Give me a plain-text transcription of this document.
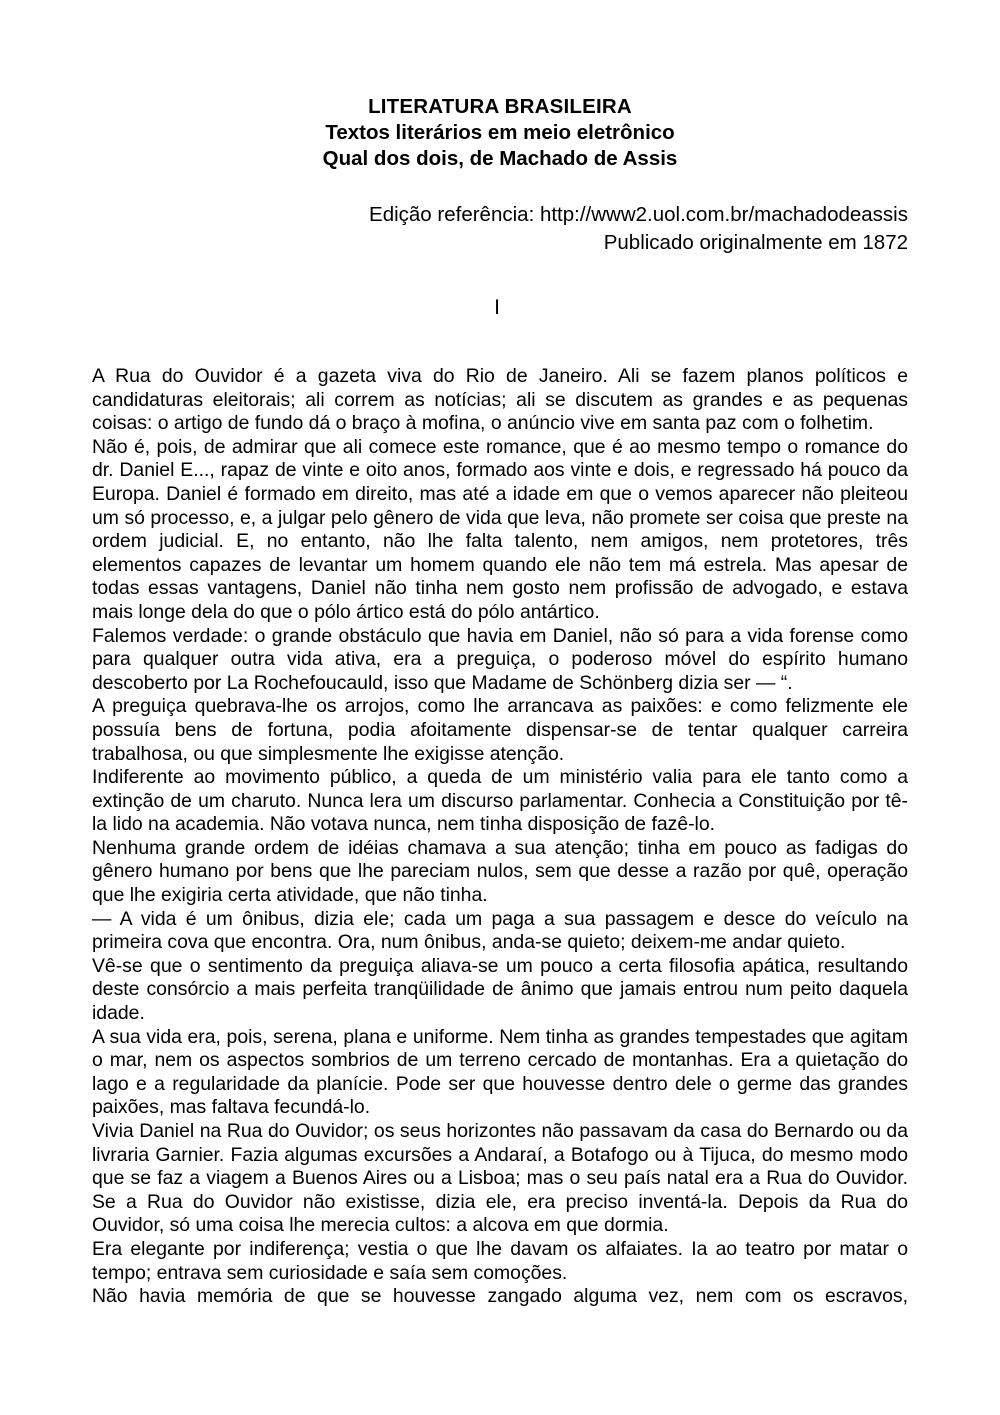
LITERATURA BRASILEIRA
Textos literários em meio eletrônico
Qual dos dois, de Machado de Assis
Edição referência: http://www2.uol.com.br/machadodeassis
Publicado originalmente em 1872
I

A Rua do Ouvidor é a gazeta viva do Rio de Janeiro. Ali se fazem planos políticos e candidaturas eleitorais; ali correm as notícias; ali se discutem as grandes e as pequenas coisas: o artigo de fundo dá o braço à mofina, o anúncio vive em santa paz com o folhetim.

Não é, pois, de admirar que ali comece este romance, que é ao mesmo tempo o romance do dr. Daniel E..., rapaz de vinte e oito anos, formado aos vinte e dois, e regressado há pouco da Europa. Daniel é formado em direito, mas até a idade em que o vemos aparecer não pleiteou um só processo, e, a julgar pelo gênero de vida que leva, não promete ser coisa que preste na ordem judicial. E, no entanto, não lhe falta talento, nem amigos, nem protetores, três elementos capazes de levantar um homem quando ele não tem má estrela. Mas apesar de todas essas vantagens, Daniel não tinha nem gosto nem profissão de advogado, e estava mais longe dela do que o pólo ártico está do pólo antártico.

Falemos verdade: o grande obstáculo que havia em Daniel, não só para a vida forense como para qualquer outra vida ativa, era a preguiça, o poderoso móvel do espírito humano descoberto por La Rochefoucauld, isso que Madame de Schönberg dizia ser — “.

A preguiça quebrava-lhe os arrojos, como lhe arrancava as paixões: e como felizmente ele possuía bens de fortuna, podia afoitamente dispensar-se de tentar qualquer carreira trabalhosa, ou que simplesmente lhe exigisse atenção.

Indiferente ao movimento público, a queda de um ministério valia para ele tanto como a extinção de um charuto. Nunca lera um discurso parlamentar. Conhecia a Constituição por tê-la lido na academia. Não votava nunca, nem tinha disposição de fazê-lo.

Nenhuma grande ordem de idéias chamava a sua atenção; tinha em pouco as fadigas do gênero humano por bens que lhe pareciam nulos, sem que desse a razão por quê, operação que lhe exigiria certa atividade, que não tinha.

— A vida é um ônibus, dizia ele; cada um paga a sua passagem e desce do veículo na primeira cova que encontra. Ora, num ônibus, anda-se quieto; deixem-me andar quieto.

Vê-se que o sentimento da preguiça aliava-se um pouco a certa filosofia apática, resultando deste consórcio a mais perfeita tranqüilidade de ânimo que jamais entrou num peito daquela idade.

A sua vida era, pois, serena, plana e uniforme. Nem tinha as grandes tempestades que agitam o mar, nem os aspectos sombrios de um terreno cercado de montanhas. Era a quietação do lago e a regularidade da planície. Pode ser que houvesse dentro dele o germe das grandes paixões, mas faltava fecundá-lo.

Vivia Daniel na Rua do Ouvidor; os seus horizontes não passavam da casa do Bernardo ou da livraria Garnier. Fazia algumas excursões a Andaraí, a Botafogo ou à Tijuca, do mesmo modo que se faz a viagem a Buenos Aires ou a Lisboa; mas o seu país natal era a Rua do Ouvidor. Se a Rua do Ouvidor não existisse, dizia ele, era preciso inventá-la. Depois da Rua do Ouvidor, só uma coisa lhe merecia cultos: a alcova em que dormia.

Era elegante por indiferença; vestia o que lhe davam os alfaiates. Ia ao teatro por matar o tempo; entrava sem curiosidade e saía sem comoções.

Não havia memória de que se houvesse zangado alguma vez, nem com os escravos,
